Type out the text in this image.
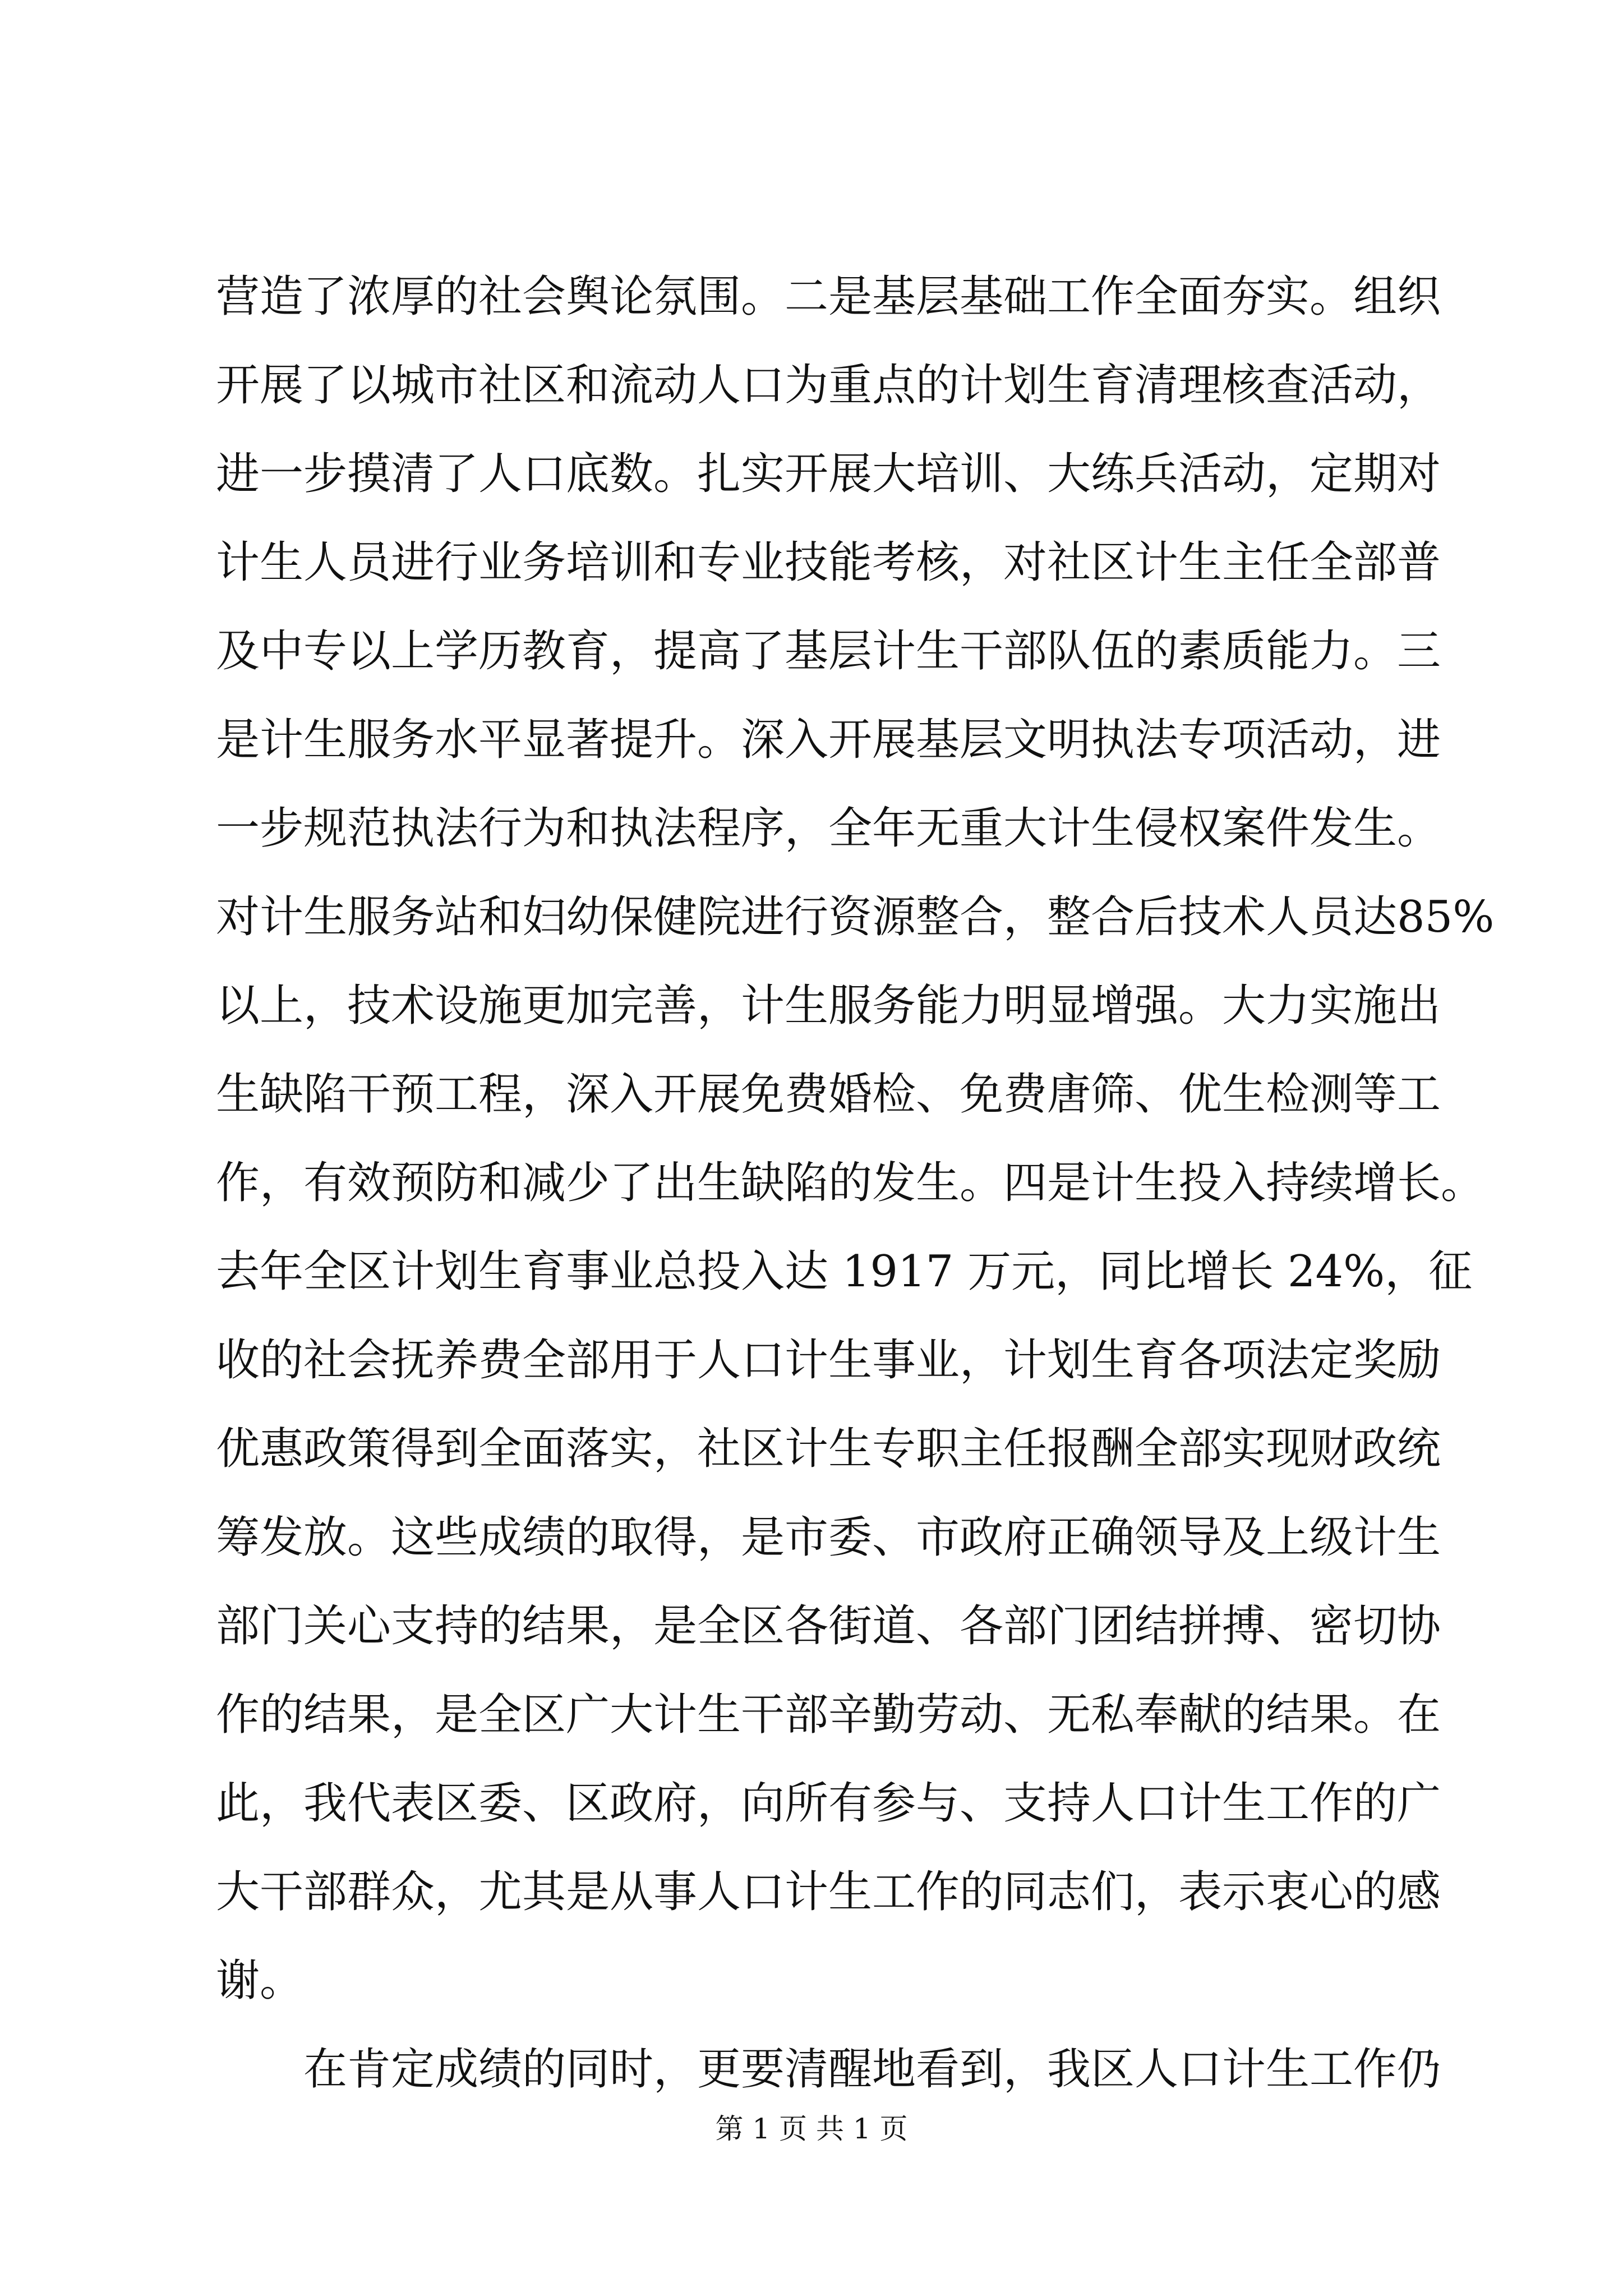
营造了浓厚的社会舆论氛围。二是基层基础工作全面夯实。组织
开展了以城市社区和流动人口为重点的计划生育清理核查活动，
进一步摸清了人口底数。扎实开展大培训、大练兵活动，定期对
计生人员进行业务培训和专业技能考核，对社区计生主任全部普
及中专以上学历教育，提高了基层计生干部队伍的素质能力。三
是计生服务水平显著提升。深入开展基层文明执法专项活动，进
一步规范执法行为和执法程序，全年无重大计生侵权案件发生。
对计生服务站和妇幼保健院进行资源整合，整合后技术人员达85%
以上，技术设施更加完善，计生服务能力明显增强。大力实施出
生缺陷干预工程，深入开展免费婚检、免费唐筛、优生检测等工
作，有效预防和减少了出生缺陷的发生。四是计生投入持续增长。
去年全区计划生育事业总投入达 1917 万元，同比增长 24%，征
收的社会抚养费全部用于人口计生事业，计划生育各项法定奖励
优惠政策得到全面落实，社区计生专职主任报酬全部实现财政统
筹发放。这些成绩的取得，是市委、市政府正确领导及上级计生
部门关心支持的结果，是全区各街道、各部门团结拼搏、密切协
作的结果，是全区广大计生干部辛勤劳动、无私奉献的结果。在
此，我代表区委、区政府，向所有参与、支持人口计生工作的广
大干部群众，尤其是从事人口计生工作的同志们，表示衷心的感
谢。
在肯定成绩的同时，更要清醒地看到，我区人口计生工作仍
第 1 页 共 1 页
